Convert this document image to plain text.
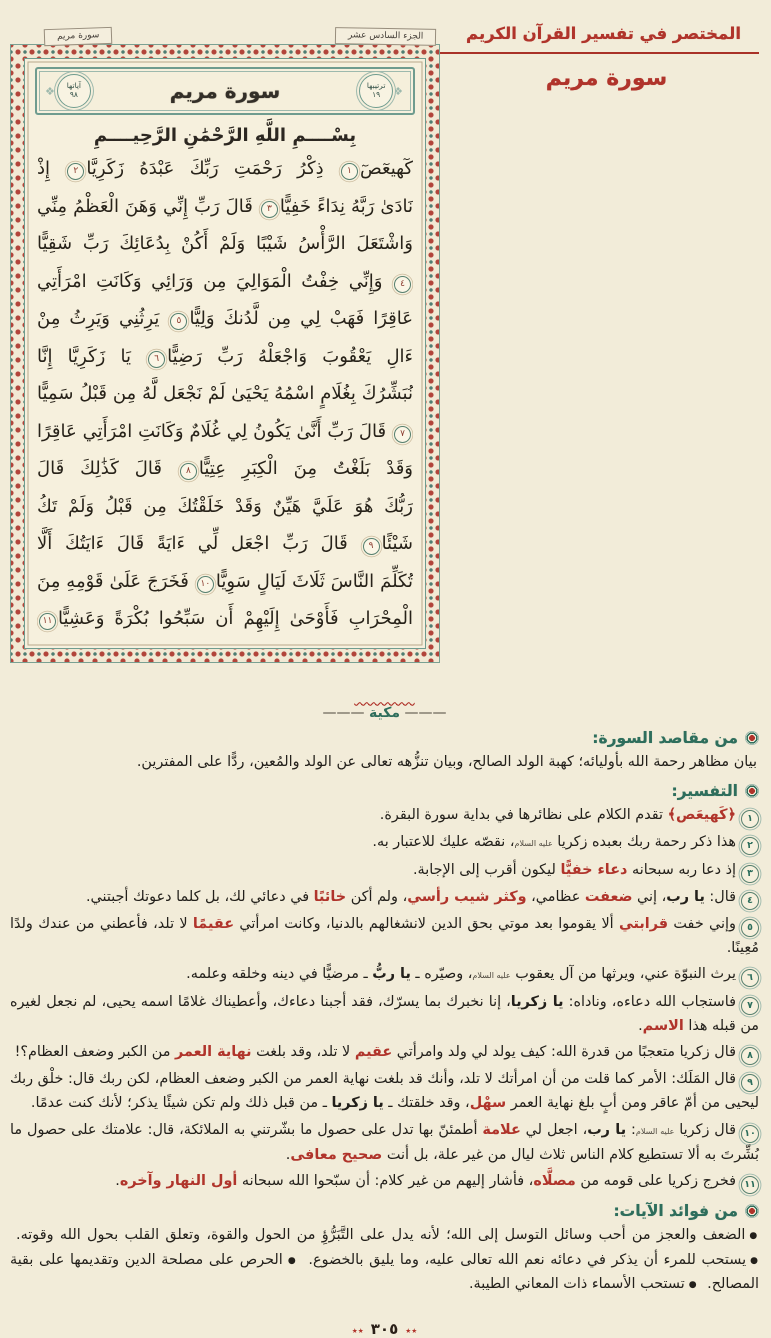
سورة مريم	الجزء السادس عشر
❖
ترتيبها
١٩
سورة مريم
آياتها
٩٨
❖
بِسْــــمِ اللَّهِ الرَّحْمَٰنِ الرَّحِيــــمِ
كٓهيعٓصٓ١ ذِكْرُ رَحْمَتِ رَبِّكَ عَبْدَهُ زَكَرِيَّا٢ إِذْ
نَادَىٰ رَبَّهُ نِدَاءً خَفِيًّا٣ قَالَ رَبِّ إِنِّي وَهَنَ الْعَظْمُ مِنِّي
وَاشْتَعَلَ الرَّأْسُ شَيْبًا وَلَمْ أَكُنْ بِدُعَائِكَ رَبِّ شَقِيًّا
٤ وَإِنِّي خِفْتُ الْمَوَالِيَ مِن وَرَائِي وَكَانَتِ امْرَأَتِي
عَاقِرًا فَهَبْ لِي مِن لَّدُنكَ وَلِيًّا٥ يَرِثُنِي وَيَرِثُ مِنْ
ءَالِ يَعْقُوبَ وَاجْعَلْهُ رَبِّ رَضِيًّا٦ يَا زَكَرِيَّا إِنَّا
نُبَشِّرُكَ بِغُلَامٍ اسْمُهُ يَحْيَىٰ لَمْ نَجْعَل لَّهُ مِن قَبْلُ سَمِيًّا
٧ قَالَ رَبِّ أَنَّىٰ يَكُونُ لِي غُلَامٌ وَكَانَتِ امْرَأَتِي عَاقِرًا
وَقَدْ بَلَغْتُ مِنَ الْكِبَرِ عِتِيًّا٨ قَالَ كَذَٰلِكَ قَالَ
رَبُّكَ هُوَ عَلَيَّ هَيِّنٌ وَقَدْ خَلَقْتُكَ مِن قَبْلُ وَلَمْ تَكُ
شَيْئًا٩ قَالَ رَبِّ اجْعَل لِّي ءَايَةً قَالَ ءَايَتُكَ أَلَّا
تُكَلِّمَ النَّاسَ ثَلَاثَ لَيَالٍ سَوِيًّا١٠ فَخَرَجَ عَلَىٰ قَوْمِهِ مِنَ
الْمِحْرَابِ فَأَوْحَىٰ إِلَيْهِمْ أَن سَبِّحُوا بُكْرَةً وَعَشِيًّا١١
المختصر في تفسير القرآن الكريم
سورة مريم
——— مكية ———
من مقاصد السورة:

بيان مظاهر رحمة الله بأوليائه؛ كهبة الولد الصالح، وبيان تنزُّهه تعالى عن الولد والمُعين، ردًّا على المفترين.

التفسير:

١﴿كَهيعَص﴾ تقدم الكلام على نظائرها في بداية سورة البقرة.

٢هذا ذكر رحمة ربك بعبده زكريا عليه السلام، نقصّه عليك للاعتبار به.

٣إذ دعا ربه سبحانه دعاء خفيًّا ليكون أقرب إلى الإجابة.

٤قال: يا رب، إني ضعفت عظامي، وكثر شيب رأسي، ولم أكن خائبًا في دعائي لك، بل كلما دعوتك أجبتني.

٥وإني خفت قرابتي ألا يقوموا بعد موتي بحق الدين لانشغالهم بالدنيا، وكانت امرأتي عقيمًا لا تلد، فأعطني من عندك ولدًا مُعِينًا.

٦يرث النبوّة عني، ويرثها من آل يعقوب عليه السلام، وصيّره ـ يا ربُّ ـ مرضيًّا في دينه وخلقه وعلمه.

٧فاستجاب الله دعاءه، وناداه: يا زكريا، إنا نخبرك بما يسرّك، فقد أجبنا دعاءك، وأعطيناك غلامًا اسمه يحيى، لم نجعل لغيره من قبله هذا الاسم.

٨قال زكريا متعجبًا من قدرة الله: كيف يولد لي ولد وامرأتي عقيم لا تلد، وقد بلغت نهاية العمر من الكبر وضعف العظام؟!

٩قال المَلَك: الأمر كما قلت من أن امرأتك لا تلد، وأنك قد بلغت نهاية العمر من الكبر وضعف العظام، لكن ربك قال: خلْق ربك ليحيى من أمّ عاقر ومن أبٍ بلغ نهاية العمر سهْل، وقد خلقتك ـ يا زكريا ـ من قبل ذلك ولم تكن شيئًا يذكر؛ لأنك كنت عدمًا.

١٠قال زكريا عليه السلام: يا رب، اجعل لي علامة أطمئنّ بها تدل على حصول ما بشّرتني به الملائكة، قال: علامتك على حصول ما بُشِّرتَ به ألا تستطيع كلام الناس ثلاث ليال من غير علة، بل أنت صحيح معافى.

١١فخرج زكريا على قومه من مصلَّاه، فأشار إليهم من غير كلام: أن سبّحوا الله سبحانه أول النهار وآخره.

من فوائد الآيات:

●الضعف والعجز من أحب وسائل التوسل إلى الله؛ لأنه يدل على التَّبَرُّؤِ من الحول والقوة، وتعلق القلب بحول الله وقوته. ●يستحب للمرء أن يذكر في دعائه نعم الله تعالى عليه، وما يليق بالخضوع. ●الحرص على مصلحة الدين وتقديمها على بقية المصالح. ●تستحب الأسماء ذات المعاني الطيبة.

٭٭٣٠٥٭٭
